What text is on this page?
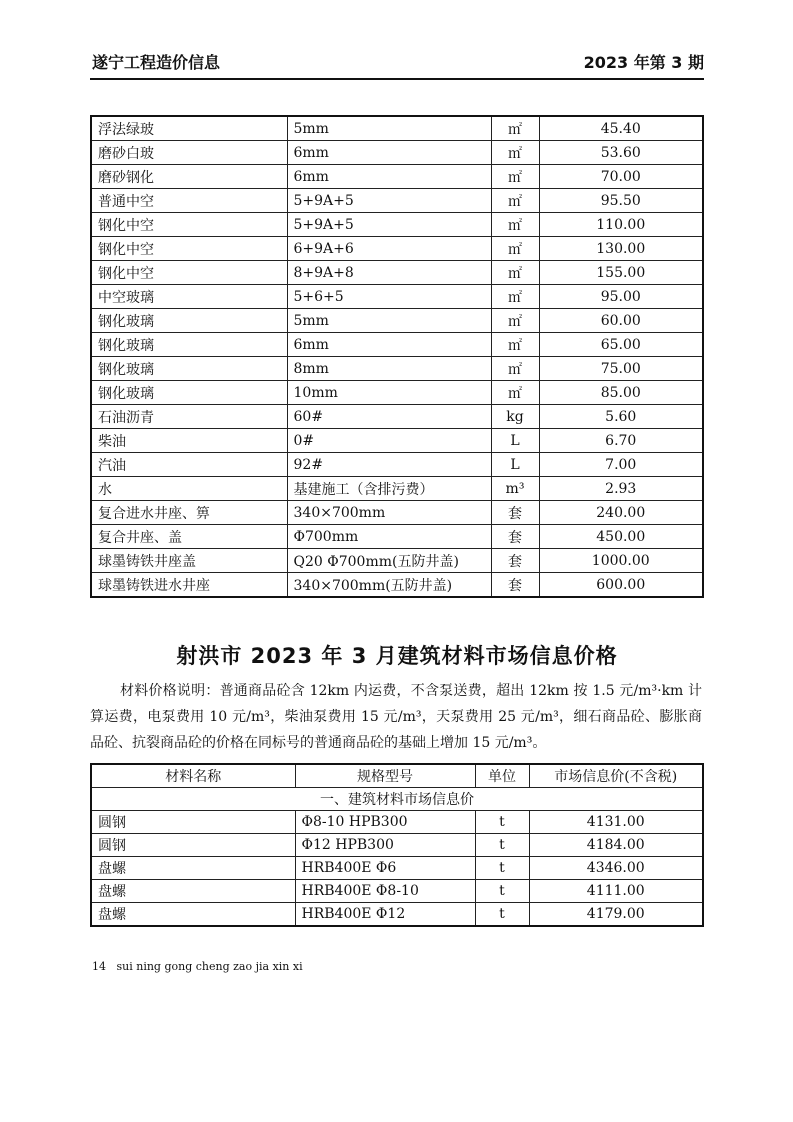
遂宁工程造价信息	2023 年第 3 期
浮法绿玻	5mm	㎡	45.40
磨砂白玻	6mm	㎡	53.60
磨砂钢化	6mm	㎡	70.00
普通中空	5+9A+5	㎡	95.50
钢化中空	5+9A+5	㎡	110.00
钢化中空	6+9A+6	㎡	130.00
钢化中空	8+9A+8	㎡	155.00
中空玻璃	5+6+5	㎡	95.00
钢化玻璃	5mm	㎡	60.00
钢化玻璃	6mm	㎡	65.00
钢化玻璃	8mm	㎡	75.00
钢化玻璃	10mm	㎡	85.00
石油沥青	60#	kg	5.60
柴油	0#	L	6.70
汽油	92#	L	7.00
水	基建施工（含排污费）	m³	2.93
复合进水井座、箅	340×700mm	套	240.00
复合井座、盖	Φ700mm	套	450.00
球墨铸铁井座盖	Q20 Φ700mm(五防井盖)	套	1000.00
球墨铸铁进水井座	340×700mm(五防井盖)	套	600.00
射洪市 2023 年 3 月建筑材料市场信息价格
材料价格说明：普通商品砼含 12km 内运费，不含泵送费，超出 12km 按 1.5 元/m³·km 计算运费，电泵费用 10 元/m³，柴油泵费用 15 元/m³，天泵费用 25 元/m³，细石商品砼、膨胀商品砼、抗裂商品砼的价格在同标号的普通商品砼的基础上增加 15 元/m³。
材料名称	规格型号	单位	市场信息价(不含税)
一、建筑材料市场信息价			
圆钢	Φ8-10 HPB300	t	4131.00
圆钢	Φ12 HPB300	t	4184.00
盘螺	HRB400E Φ6	t	4346.00
盘螺	HRB400E Φ8-10	t	4111.00
盘螺	HRB400E Φ12	t	4179.00
14 sui ning gong cheng zao jia xin xi
